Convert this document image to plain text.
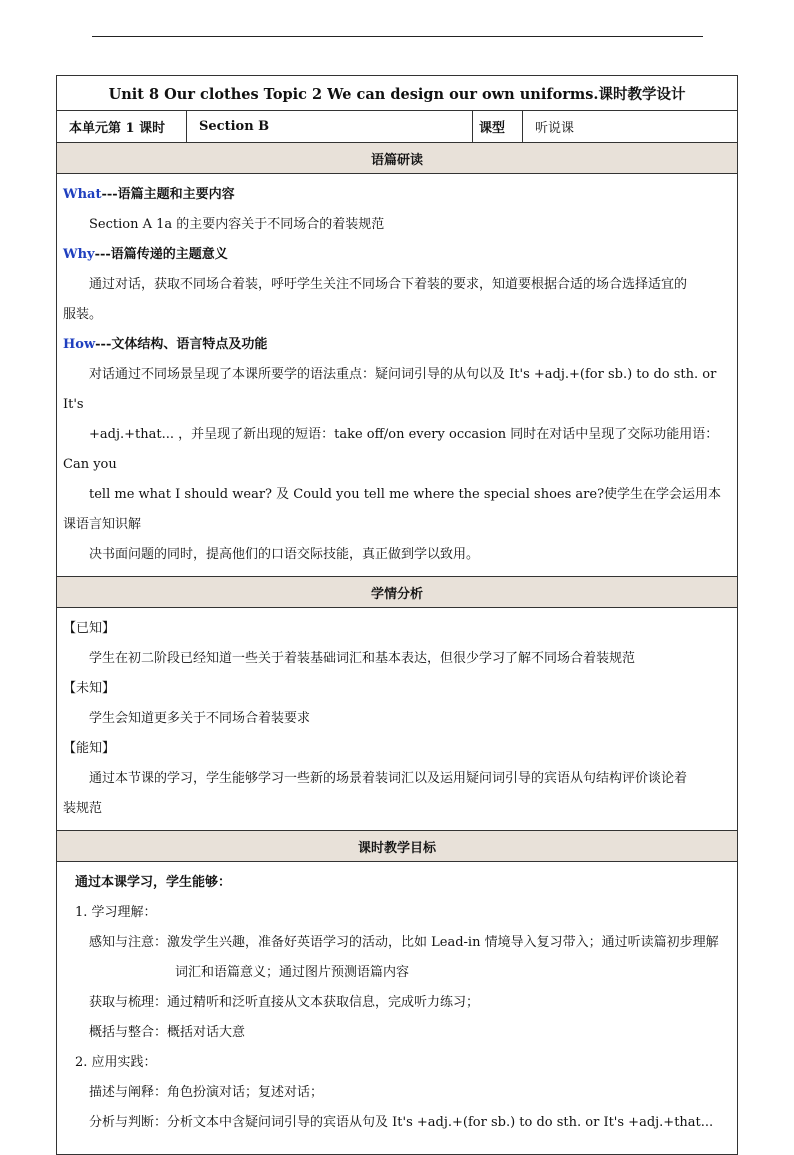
Unit 8 Our clothes Topic 2 We can design our own uniforms.课时教学设计
本单元第 1 课时	Section B	课型	听说课
语篇研读

What---语篇主题和主要内容

Section A 1a 的主要内容关于不同场合的着装规范

Why---语篇传递的主题意义

通过对话，获取不同场合着装，呼吁学生关注不同场合下着装的要求，知道要根据合适的场合选择适宜的

服装。

How---文体结构、语言特点及功能

对话通过不同场景呈现了本课所要学的语法重点：疑问词引导的从句以及 It's +adj.+(for sb.) to do sth. or It's

+adj.+that... ，并呈现了新出现的短语：take off/on every occasion 同时在对话中呈现了交际功能用语：Can you

tell me what I should wear? 及 Could you tell me where the special shoes are?使学生在学会运用本课语言知识解

决书面问题的同时，提高他们的口语交际技能，真正做到学以致用。

学情分析

【已知】

学生在初二阶段已经知道一些关于着装基础词汇和基本表达，但很少学习了解不同场合着装规范

【未知】

学生会知道更多关于不同场合着装要求

【能知】

通过本节课的学习，学生能够学习一些新的场景着装词汇以及运用疑问词引导的宾语从句结构评价谈论着

装规范

课时教学目标

通过本课学习，学生能够：

1. 学习理解：

感知与注意：激发学生兴趣，准备好英语学习的活动，比如 Lead-in 情境导入复习带入；通过听读篇初步理解词汇和语篇意义；通过图片预测语篇内容

获取与梳理：通过精听和泛听直接从文本获取信息，完成听力练习；

概括与整合：概括对话大意

2. 应用实践：

描述与阐释：角色扮演对话；复述对话；

分析与判断：分析文本中含疑问词引导的宾语从句及 It's +adj.+(for sb.) to do sth. or It's +adj.+that...
